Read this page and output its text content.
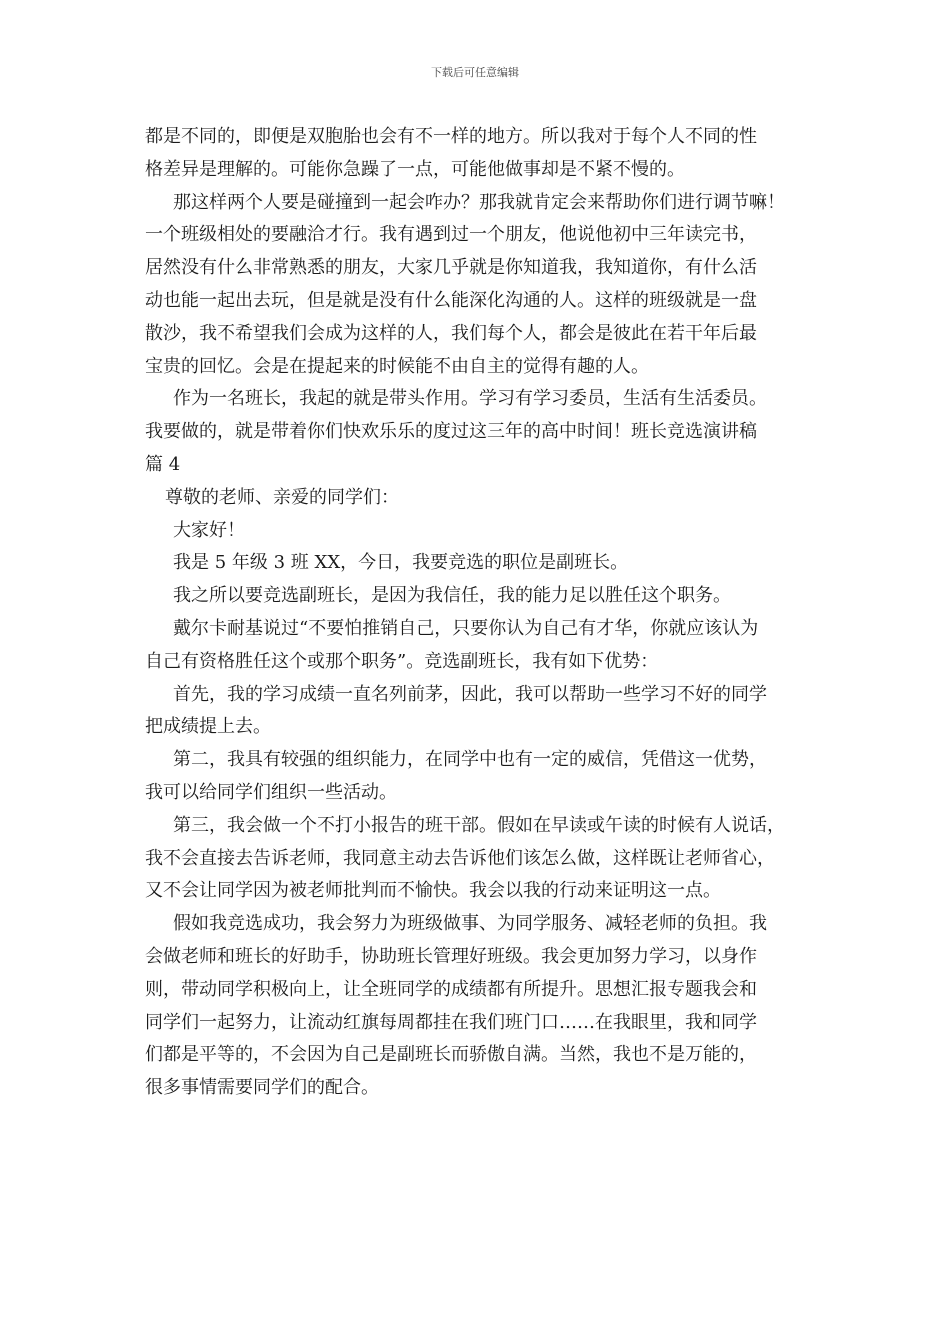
下载后可任意编辑
都是不同的，即便是双胞胎也会有不一样的地方。所以我对于每个人不同的性
格差异是理解的。可能你急躁了一点，可能他做事却是不紧不慢的。
那这样两个人要是碰撞到一起会咋办？那我就肯定会来帮助你们进行调节嘛！
一个班级相处的要融洽才行。我有遇到过一个朋友，他说他初中三年读完书，
居然没有什么非常熟悉的朋友，大家几乎就是你知道我，我知道你，有什么活
动也能一起出去玩，但是就是没有什么能深化沟通的人。这样的班级就是一盘
散沙，我不希望我们会成为这样的人，我们每个人，都会是彼此在若干年后最
宝贵的回忆。会是在提起来的时候能不由自主的觉得有趣的人。
作为一名班长，我起的就是带头作用。学习有学习委员，生活有生活委员。
我要做的，就是带着你们快欢乐乐的度过这三年的高中时间！班长竞选演讲稿
篇 4
尊敬的老师、亲爱的同学们：
大家好！
我是 5 年级 3 班 XX，今日，我要竞选的职位是副班长。
我之所以要竞选副班长，是因为我信任，我的能力足以胜任这个职务。
戴尔卡耐基说过“不要怕推销自己，只要你认为自己有才华，你就应该认为
自己有资格胜任这个或那个职务”。竞选副班长，我有如下优势：
首先，我的学习成绩一直名列前茅，因此，我可以帮助一些学习不好的同学
把成绩提上去。
第二，我具有较强的组织能力，在同学中也有一定的威信，凭借这一优势，
我可以给同学们组织一些活动。
第三，我会做一个不打小报告的班干部。假如在早读或午读的时候有人说话，
我不会直接去告诉老师，我同意主动去告诉他们该怎么做，这样既让老师省心，
又不会让同学因为被老师批判而不愉快。我会以我的行动来证明这一点。
假如我竞选成功，我会努力为班级做事、为同学服务、减轻老师的负担。我
会做老师和班长的好助手，协助班长管理好班级。我会更加努力学习，以身作
则，带动同学积极向上，让全班同学的成绩都有所提升。思想汇报专题我会和
同学们一起努力，让流动红旗每周都挂在我们班门口……在我眼里，我和同学
们都是平等的，不会因为自己是副班长而骄傲自满。当然，我也不是万能的，
很多事情需要同学们的配合。
